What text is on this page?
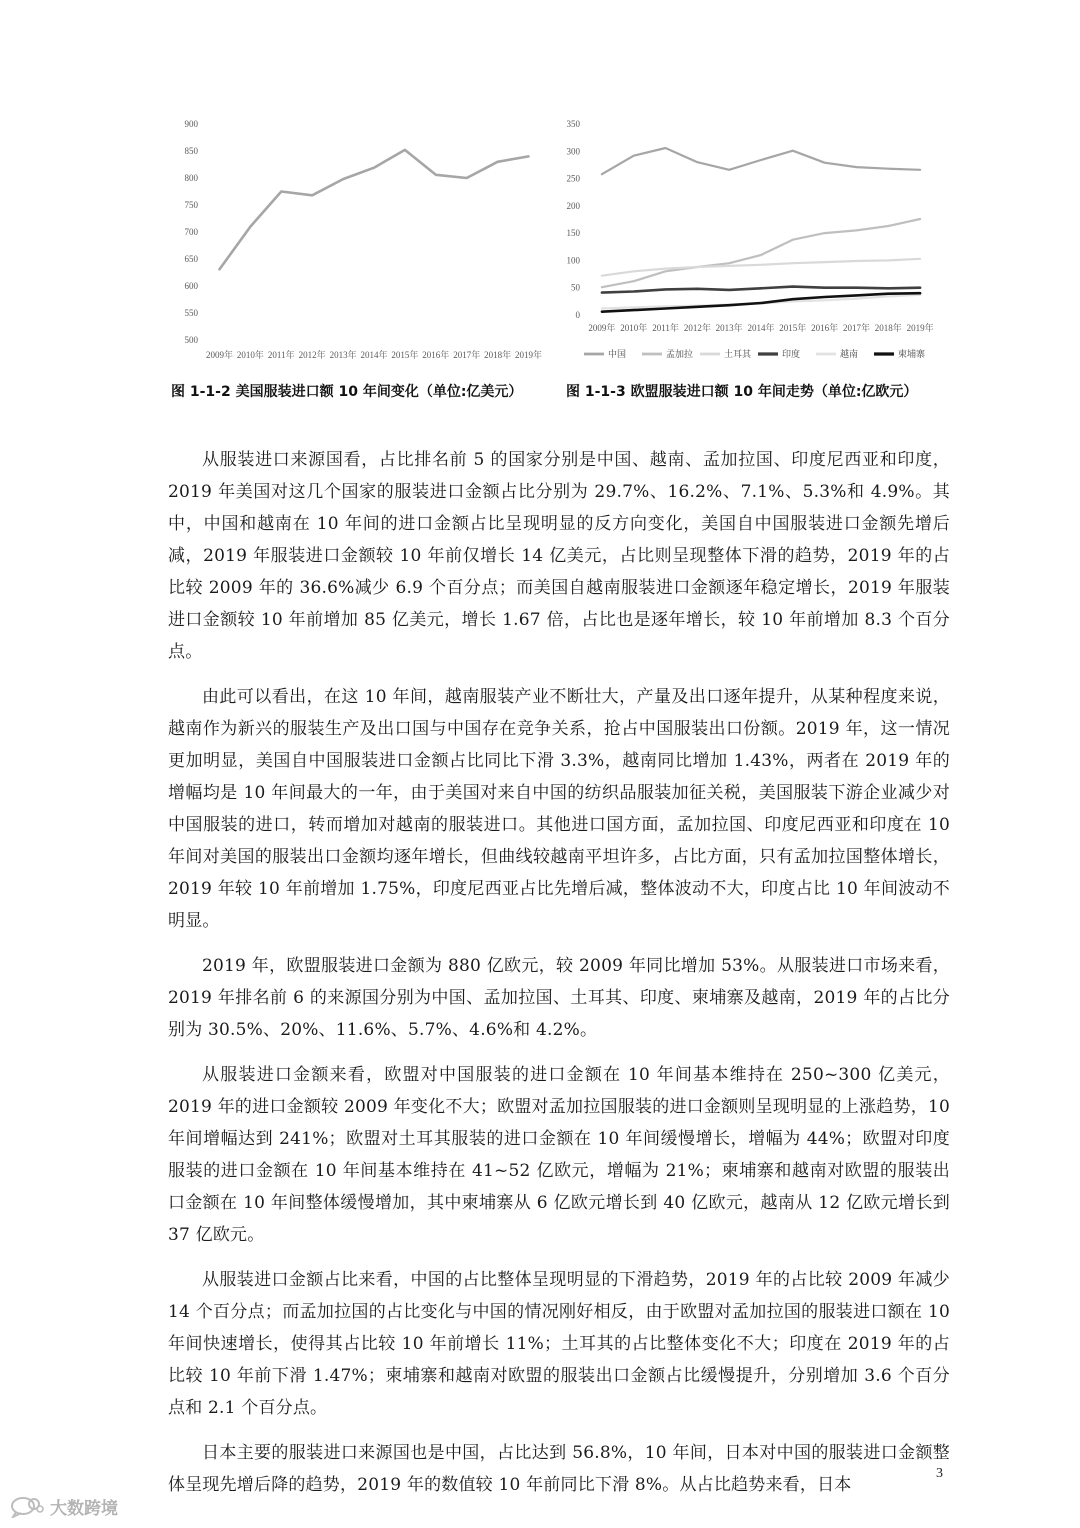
500
550
600
650
700
750
800
850
900
2009年 2010年 2011年 2012年 2013年 2014年 2015年 2016年 2017年 2018年 2019年
0
50
100
150
200
250
300
350
2009年 2010年 2011年 2012年 2013年 2014年 2015年 2016年 2017年 2018年 2019年
中国	孟加拉	土耳其	印度	越南	柬埔寨
图 1-1-2 美国服装进口额 10 年间变化（单位:亿美元）	图 1-1-3 欧盟服装进口额 10 年间走势（单位:亿欧元）

从服装进口来源国看，占比排名前 5 的国家分别是中国、越南、孟加拉国、印度尼西亚和印度，2019 年美国对这几个国家的服装进口金额占比分别为 29.7%、16.2%、7.1%、5.3%和 4.9%。其中，中国和越南在 10 年间的进口金额占比呈现明显的反方向变化，美国自中国服装进口金额先增后减，2019 年服装进口金额较 10 年前仅增长 14 亿美元，占比则呈现整体下滑的趋势，2019 年的占比较 2009 年的 36.6%减少 6.9 个百分点；而美国自越南服装进口金额逐年稳定增长，2019 年服装进口金额较 10 年前增加 85 亿美元，增长 1.67 倍，占比也是逐年增长，较 10 年前增加 8.3 个百分点。

由此可以看出，在这 10 年间，越南服装产业不断壮大，产量及出口逐年提升，从某种程度来说，越南作为新兴的服装生产及出口国与中国存在竞争关系，抢占中国服装出口份额。2019 年，这一情况更加明显，美国自中国服装进口金额占比同比下滑 3.3%，越南同比增加 1.43%，两者在 2019 年的增幅均是 10 年间最大的一年，由于美国对来自中国的纺织品服装加征关税，美国服装下游企业减少对中国服装的进口，转而增加对越南的服装进口。其他进口国方面，孟加拉国、印度尼西亚和印度在 10 年间对美国的服装出口金额均逐年增长，但曲线较越南平坦许多，占比方面，只有孟加拉国整体增长，2019 年较 10 年前增加 1.75%，印度尼西亚占比先增后减，整体波动不大，印度占比 10 年间波动不明显。

2019 年，欧盟服装进口金额为 880 亿欧元，较 2009 年同比增加 53%。从服装进口市场来看，2019 年排名前 6 的来源国分别为中国、孟加拉国、土耳其、印度、柬埔寨及越南，2019 年的占比分别为 30.5%、20%、11.6%、5.7%、4.6%和 4.2%。

从服装进口金额来看，欧盟对中国服装的进口金额在 10 年间基本维持在 250~300 亿美元，2019 年的进口金额较 2009 年变化不大；欧盟对孟加拉国服装的进口金额则呈现明显的上涨趋势，10 年间增幅达到 241%；欧盟对土耳其服装的进口金额在 10 年间缓慢增长，增幅为 44%；欧盟对印度服装的进口金额在 10 年间基本维持在 41~52 亿欧元，增幅为 21%；柬埔寨和越南对欧盟的服装出口金额在 10 年间整体缓慢增加，其中柬埔寨从 6 亿欧元增长到 40 亿欧元，越南从 12 亿欧元增长到 37 亿欧元。

从服装进口金额占比来看，中国的占比整体呈现明显的下滑趋势，2019 年的占比较 2009 年减少 14 个百分点；而孟加拉国的占比变化与中国的情况刚好相反，由于欧盟对孟加拉国的服装进口额在 10 年间快速增长，使得其占比较 10 年前增长 11%；土耳其的占比整体变化不大；印度在 2019 年的占比较 10 年前下滑 1.47%；柬埔寨和越南对欧盟的服装出口金额占比缓慢提升，分别增加 3.6 个百分点和 2.1 个百分点。

日本主要的服装进口来源国也是中国，占比达到 56.8%，10 年间，日本对中国的服装进口金额整体呈现先增后降的趋势，2019 年的数值较 10 年前同比下滑 8%。从占比趋势来看，日本

3
大数跨境
